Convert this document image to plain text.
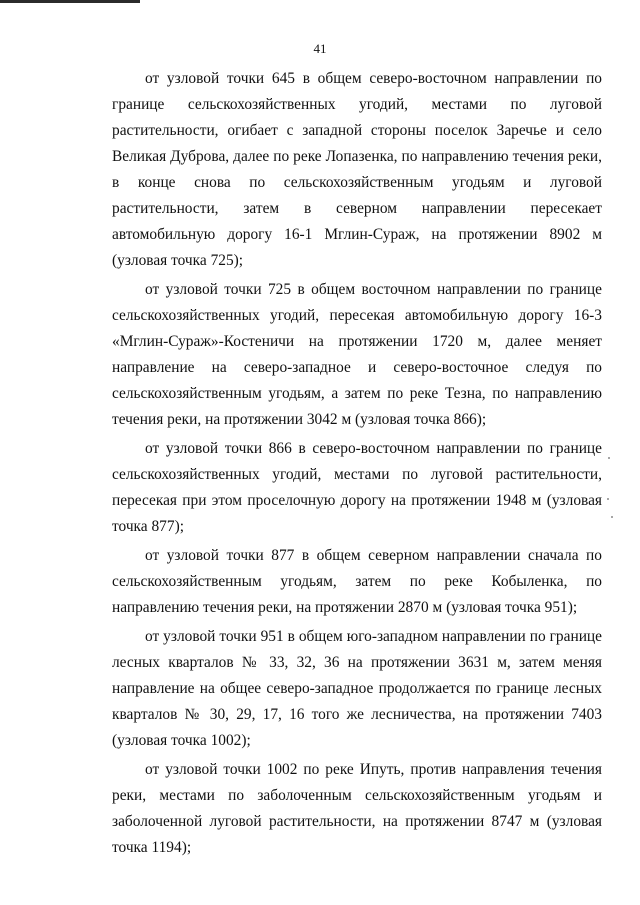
41

от узловой точки 645 в общем северо-восточном направлении по границе сельскохозяйственных угодий, местами по луговой растительности, огибает с западной стороны поселок Заречье и село Великая Дуброва, далее по реке Лопазенка, по направлению течения реки, в конце снова по сельскохозяйственным угодьям и луговой растительности, затем в северном направлении пересекает автомобильную дорогу 16-1 Мглин-Сураж, на протяжении 8902 м (узловая точка 725);

от узловой точки 725 в общем восточном направлении по границе сельскохозяйственных угодий, пересекая автомобильную дорогу 16-3 «Мглин-Сураж»-Костеничи на протяжении 1720 м, далее меняет направление на северо-западное и северо-восточное следуя по сельскохозяйственным угодьям, а затем по реке Тезна, по направлению течения реки, на протяжении 3042 м (узловая точка 866);

от узловой точки 866 в северо-восточном направлении по границе сельскохозяйственных угодий, местами по луговой растительности, пересекая при этом проселочную дорогу на протяжении 1948 м (узловая точка 877);

от узловой точки 877 в общем северном направлении сначала по сельскохозяйственным угодьям, затем по реке Кобыленка, по направлению течения реки, на протяжении 2870 м (узловая точка 951);

от узловой точки 951 в общем юго-западном направлении по границе лесных кварталов № 33, 32, 36 на протяжении 3631 м, затем меняя направление на общее северо-западное продолжается по границе лесных кварталов № 30, 29, 17, 16 того же лесничества, на протяжении 7403 (узловая точка 1002);

от узловой точки 1002 по реке Ипуть, против направления течения реки, местами по заболоченным сельскохозяйственным угодьям и заболоченной луговой растительности, на протяжении 8747 м (узловая точка 1194);
